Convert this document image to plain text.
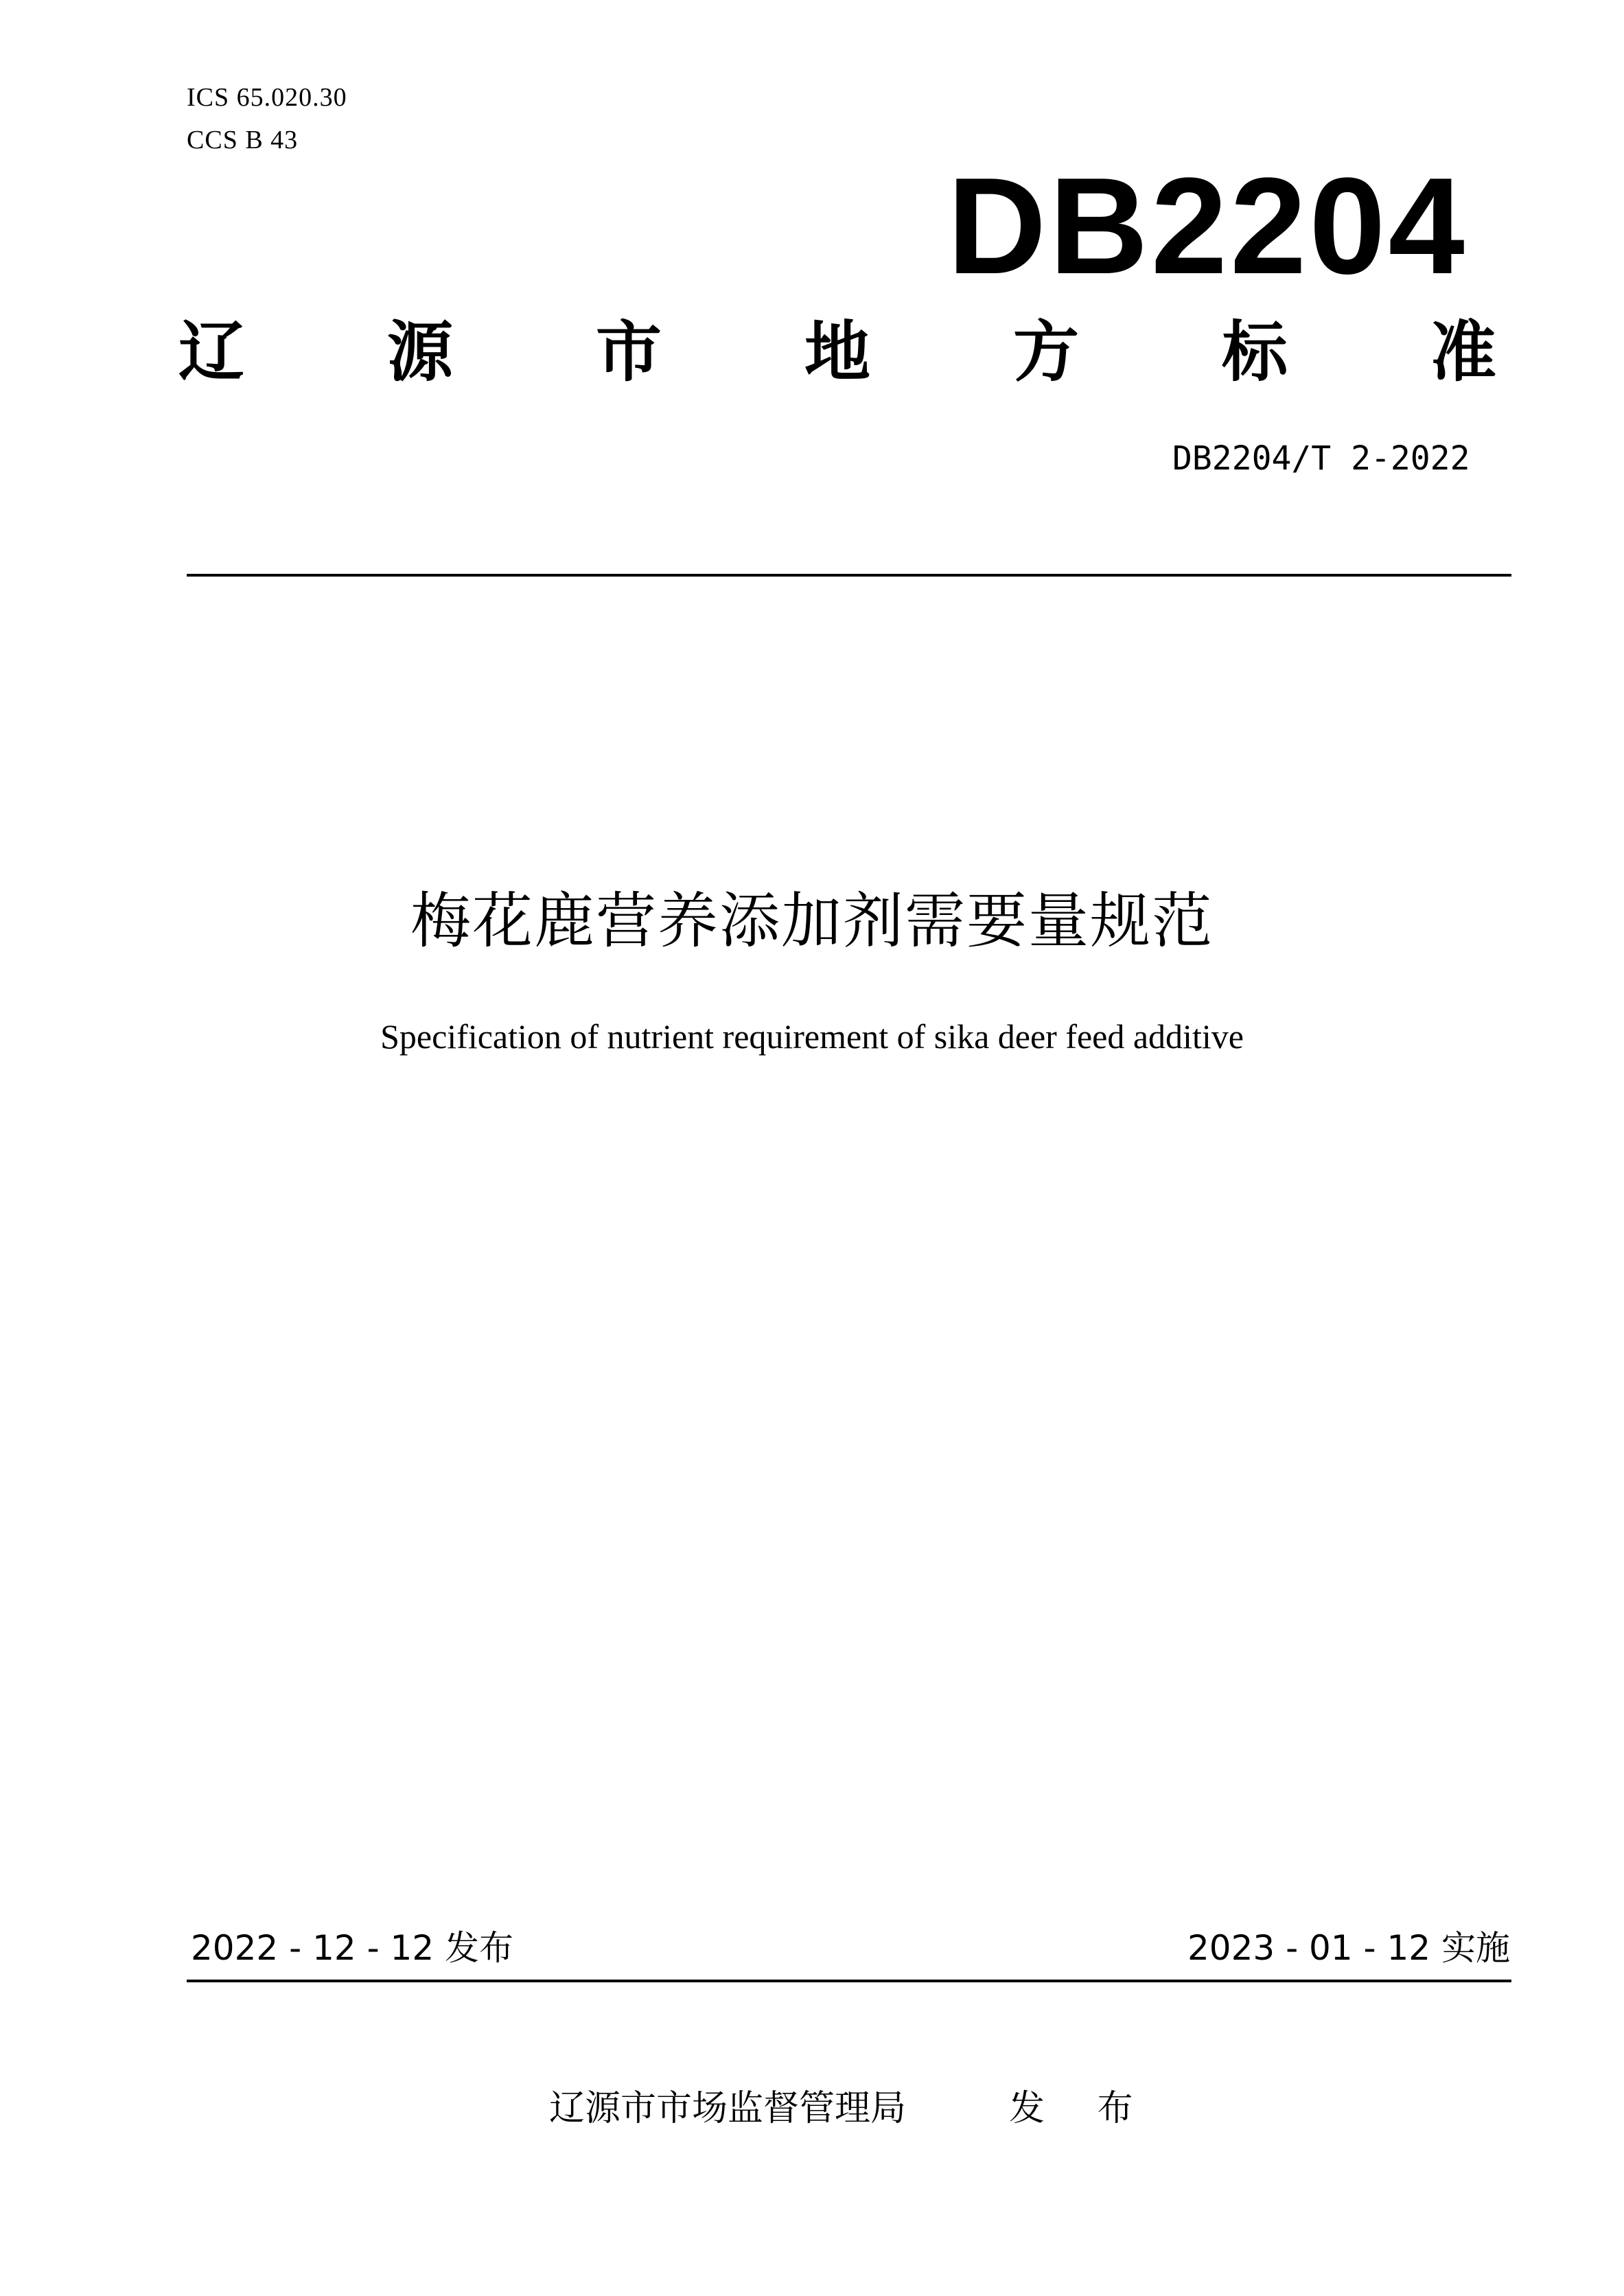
ICS 65.020.30
CCS B 43
DB2204
辽 源 市 地 方 标 准
DB2204/T 2-2022
梅花鹿营养添加剂需要量规范
Specification of nutrient requirement of sika deer feed additive
2022 - 12 - 12 发布	2023 - 01 - 12 实施
辽源市市场监督管理局	发 布
